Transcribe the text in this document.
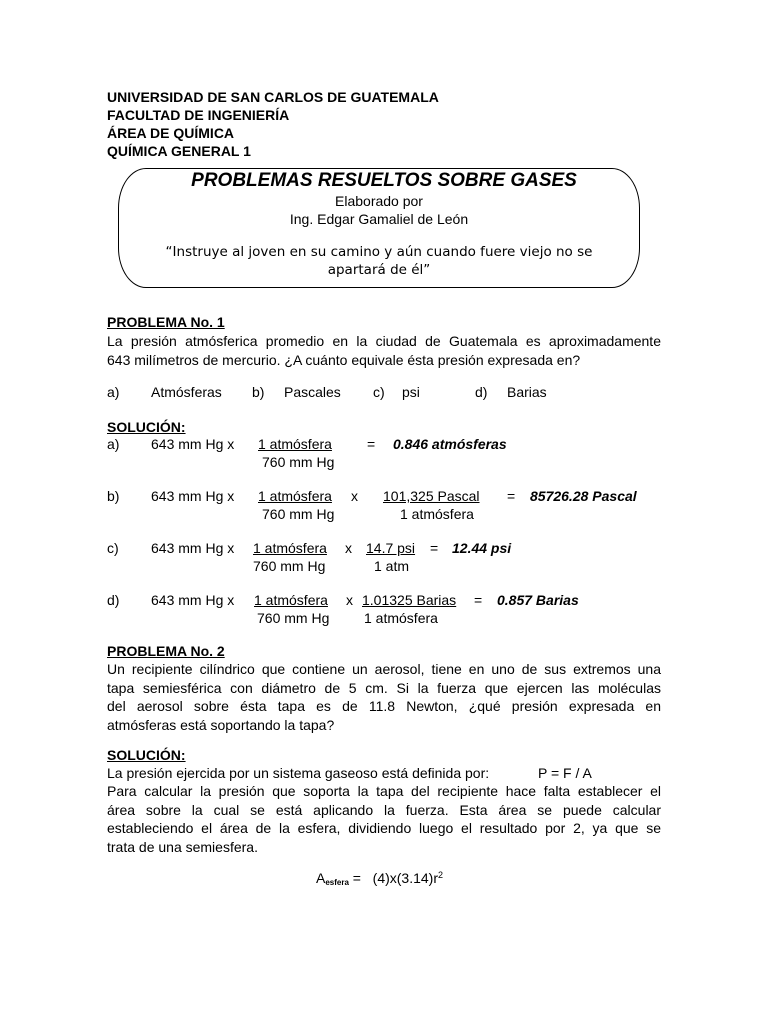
UNIVERSIDAD DE SAN CARLOS DE GUATEMALA
FACULTAD DE INGENIERÍA
ÁREA DE QUÍMICA
QUÍMICA GENERAL 1
PROBLEMAS RESUELTOS SOBRE GASES
Elaborado por
Ing. Edgar Gamaliel de León
“Instruye al joven en su camino y aún cuando fuere viejo no se
apartará de él”
PROBLEMA No. 1
La presión atmósferica promedio en la ciudad de Guatemala es aproximadamente
643 milímetros de mercurio. ¿A cuánto equivale ésta presión expresada en?
a) Atmósferas b) Pascales c) psi	d) Barias
SOLUCIÓN:
a) 643 mm Hg x 1 atmósfera
760 mm Hg
= 0.846 atmósferas
b) 643 mm Hg x 1 atmósfera
760 mm Hg
x 101,325 Pascal
1 atmósfera
= 85726.28 Pascal
c) 643 mm Hg x 1 atmósfera
760 mm Hg
x 14.7 psi
1 atm
= 12.44 psi
d) 643 mm Hg x 1 atmósfera
760 mm Hg
x 1.01325 Barias
1 atmósfera
= 0.857 Barias
PROBLEMA No. 2
Un recipiente cilíndrico que contiene un aerosol, tiene en uno de sus extremos una
tapa semiesférica con diámetro de 5 cm. Si la fuerza que ejercen las moléculas
del aerosol sobre ésta tapa es de 11.8 Newton, ¿qué presión expresada en
atmósferas está soportando la tapa?
SOLUCIÓN:
La presión ejercida por un sistema gaseoso está definida por:	P = F / A
Para calcular la presión que soporta la tapa del recipiente hace falta establecer el
área sobre la cual se está aplicando la fuerza. Esta área se puede calcular
estableciendo el área de la esfera, dividiendo luego el resultado por 2, ya que se
trata de una semiesfera.
$A_{esfera} = (4)x(3.14)r^2$
